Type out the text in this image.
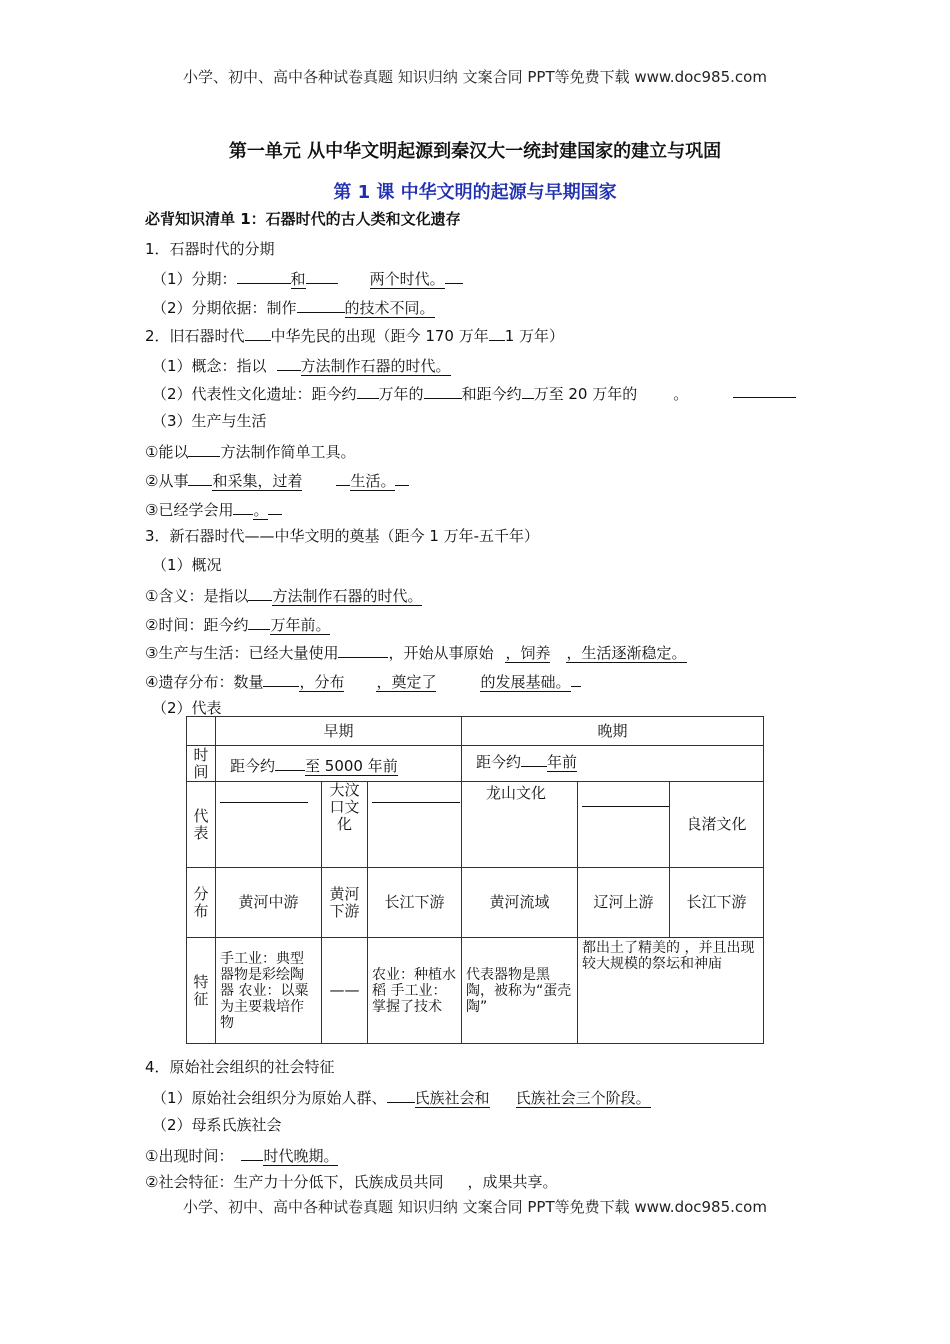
小学、初中、高中各种试卷真题 知识归纳 文案合同 PPT等免费下载 www.doc985.com
第一单元 从中华文明起源到秦汉大一统封建国家的建立与巩固
第 1 课 中华文明的起源与早期国家
必背知识清单 1：石器时代的古人类和文化遗存
1．石器时代的分期
（1）分期：	和	两个时代。
（2）分期依据：制作	的技术不同。
2．旧石器时代 中华先民的出现（距今 170 万年 1 万年）
（1）概念：指以 方法制作石器的时代。
（2）代表性文化遗址：距今约 万年的	和距今约 万至 20 万年的 。
（3）生产与生活
①能以 方法制作简单工具。
②从事 和采集，过着	生活。
③已经学会用 。
3．新石器时代——中华文明的奠基（距今 1 万年-五千年）
（1）概况
①含义：是指以 方法制作石器的时代。
②时间：距今约 万年前。
③生产与生活：已经大量使用	，开始从事原始 ，饲养 ，生活逐渐稳定。
④遗存分布：数量 ，分布 ，奠定了	的发展基础。
（2）代表
	早期			晚期		
时间	距今约 至 5000 年前			距今约 年前		
代表		大汶口文化		龙山文化		良渚文化
分布	黄河中游	黄河下游	长江下游	黄河流域	辽河上游	长江下游
特征	手工业：典型器物是彩绘陶器 农业：以粟为主要栽培作物	——	农业：种植水稻 手工业：掌握了技术	代表器物是黑陶，被称为“蛋壳陶”	都出土了精美的 ，并且出现较大规模的祭坛和神庙	
4．原始社会组织的社会特征
（1）原始社会组织分为原始人群、 氏族社会和 氏族社会三个阶段。
（2）母系氏族社会
①出现时间： 时代晚期。
②社会特征：生产力十分低下，氏族成员共同 ，成果共享。
小学、初中、高中各种试卷真题 知识归纳 文案合同 PPT等免费下载 www.doc985.com
